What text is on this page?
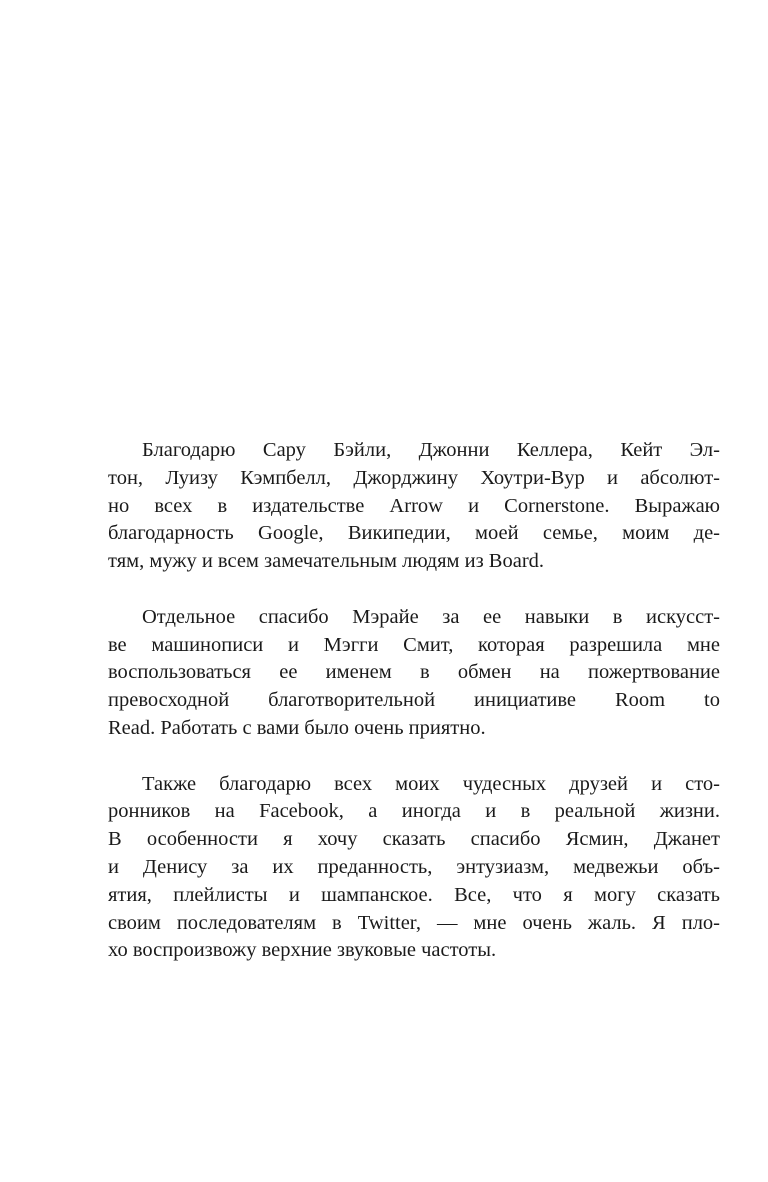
Благодарю Сару Бэйли, Джонни Келлера, Кейт Эл-
тон, Луизу Кэмпбелл, Джорджину Хоутри-Вур и абсолют-
но всех в издательстве Arrow и Cornerstone. Выражаю
благодарность Google, Википедии, моей семье, моим де-
тям, мужу и всем замечательным людям из Board.
Отдельное спасибо Мэрайе за ее навыки в искусст-
ве машинописи и Мэгги Смит, которая разрешила мне
воспользоваться ее именем в обмен на пожертвование
превосходной благотворительной инициативе Room to
Read. Работать с вами было очень приятно.
Также благодарю всех моих чудесных друзей и сто-
ронников на Facebook, а иногда и в реальной жизни.
В особенности я хочу сказать спасибо Ясмин, Джанет
и Денису за их преданность, энтузиазм, медвежьи объ-
ятия, плейлисты и шампанское. Все, что я могу сказать
своим последователям в Twitter, — мне очень жаль. Я пло-
хо воспроизвожу верхние звуковые частоты.
